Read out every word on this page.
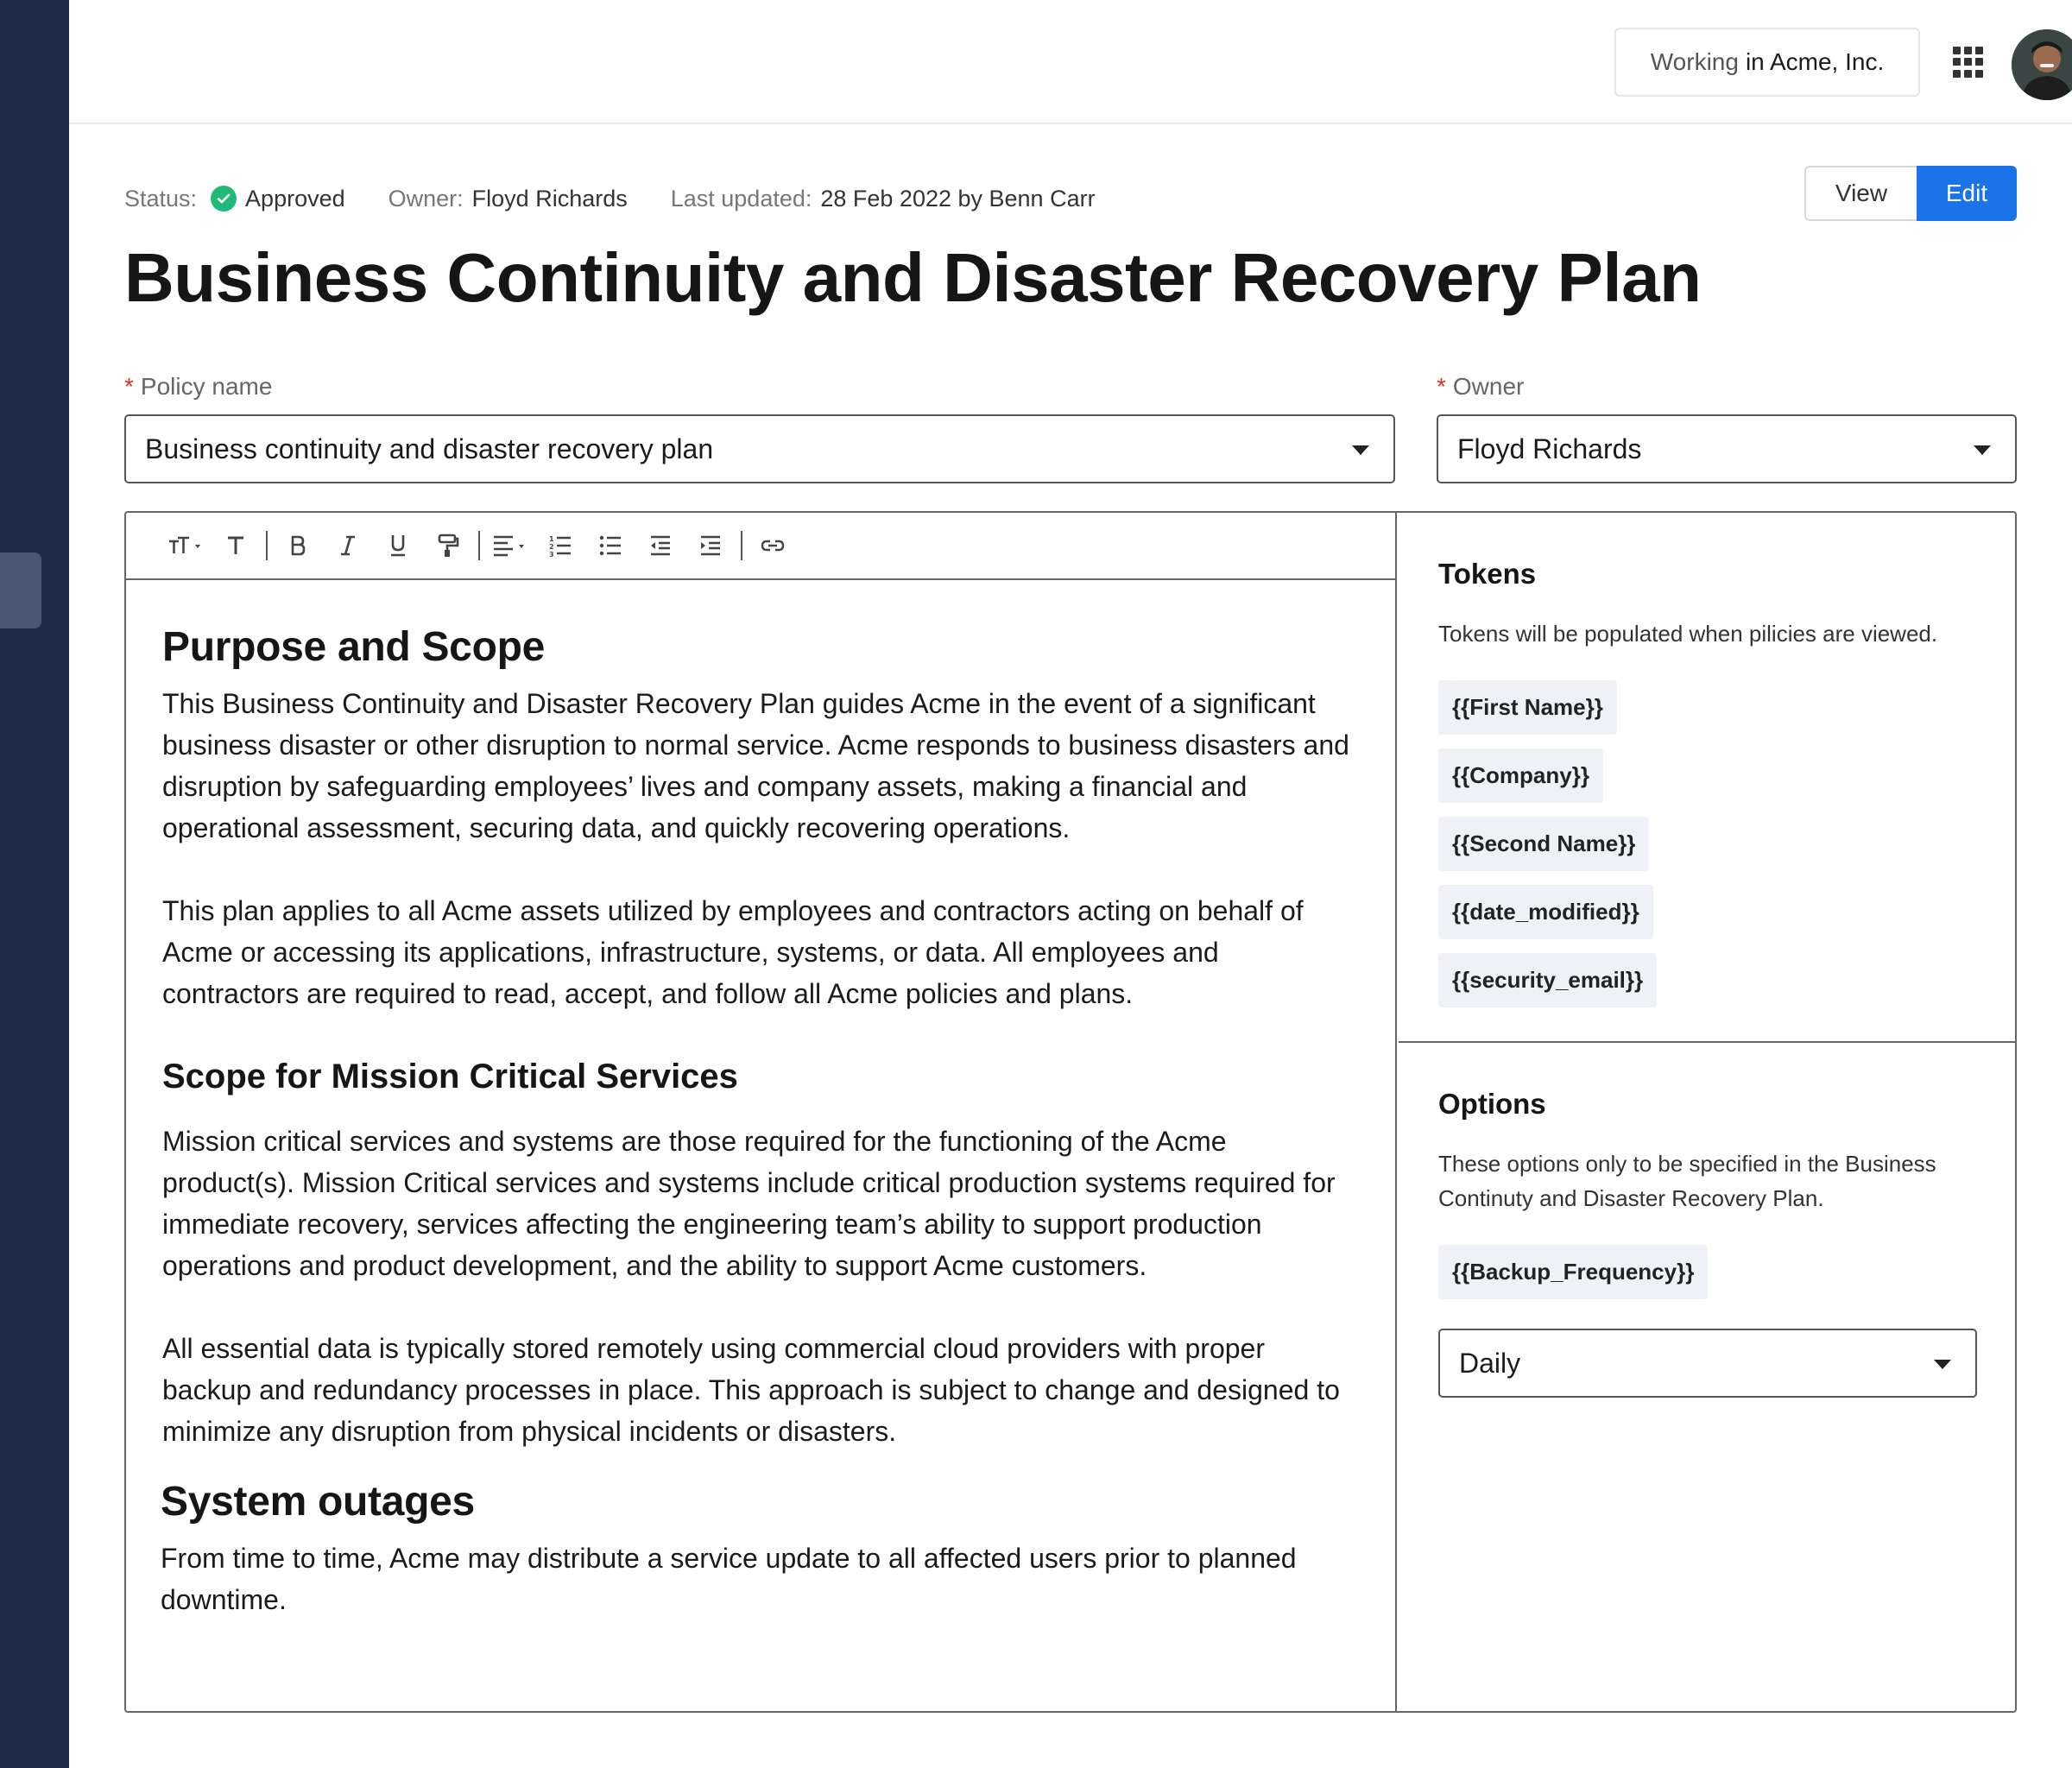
Working in Acme, Inc.
Status: Approved Owner: Floyd Richards Last updated: 28 Feb 2022 by Benn Carr	View	Edit
Business Continuity and Disaster Recovery Plan
* Policy name
Business continuity and disaster recovery plan
* Owner
Floyd Richards
1
2
3
Purpose and Scope

This Business Continuity and Disaster Recovery Plan guides Acme in the event of a significant business disaster or other disruption to normal service. Acme responds to business disasters and disruption by safeguarding employees’ lives and company assets, making a financial and operational assessment, securing data, and quickly recovering operations.

This plan applies to all Acme assets utilized by employees and contractors acting on behalf of Acme or accessing its applications, infrastructure, systems, or data. All employees and contractors are required to read, accept, and follow all Acme policies and plans.

Scope for Mission Critical Services

Mission critical services and systems are those required for the functioning of the Acme product(s). Mission Critical services and systems include critical production systems required for immediate recovery, services affecting the engineering team’s ability to support production operations and product development, and the ability to support Acme customers.

All essential data is typically stored remotely using commercial cloud providers with proper backup and redundancy processes in place. This approach is subject to change and designed to minimize any disruption from physical incidents or disasters.

System outages

From time to time, Acme may distribute a service update to all affected users prior to planned downtime.

Tokens
Tokens will be populated when pilicies are viewed.
{{First Name}}
{{Company}}
{{Second Name}}
{{date_modified}}
{{security_email}}
Options
These options only to be specified in the Business Continuty and Disaster Recovery Plan.
{{Backup_Frequency}}
Daily
